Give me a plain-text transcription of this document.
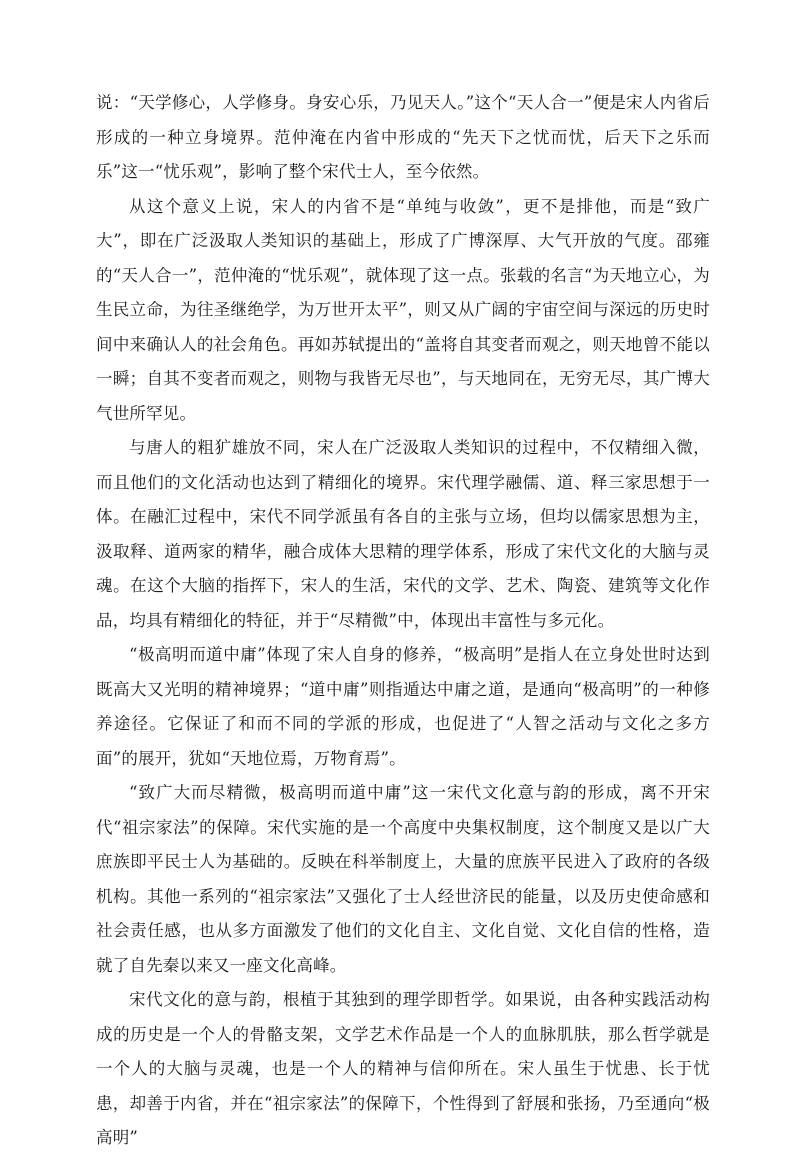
说：“天学修心，人学修身。身安心乐，乃见天人。”这个“天人合一”便是宋人内省后形成的一种立身境界。范仲淹在内省中形成的“先天下之忧而忧，后天下之乐而乐”这一“忧乐观”，影响了整个宋代士人，至今依然。

从这个意义上说，宋人的内省不是“单纯与收敛”，更不是排他，而是“致广大”，即在广泛汲取人类知识的基础上，形成了广博深厚、大气开放的气度。邵雍的“天人合一”，范仲淹的“忧乐观”，就体现了这一点。张载的名言“为天地立心，为生民立命，为往圣继绝学，为万世开太平”，则又从广阔的宇宙空间与深远的历史时间中来确认人的社会角色。再如苏轼提出的“盖将自其变者而观之，则天地曾不能以一瞬；自其不变者而观之，则物与我皆无尽也”，与天地同在，无穷无尽，其广博大气世所罕见。

与唐人的粗犷雄放不同，宋人在广泛汲取人类知识的过程中，不仅精细入微，而且他们的文化活动也达到了精细化的境界。宋代理学融儒、道、释三家思想于一体。在融汇过程中，宋代不同学派虽有各自的主张与立场，但均以儒家思想为主，汲取释、道两家的精华，融合成体大思精的理学体系，形成了宋代文化的大脑与灵魂。在这个大脑的指挥下，宋人的生活，宋代的文学、艺术、陶瓷、建筑等文化作品，均具有精细化的特征，并于“尽精微”中，体现出丰富性与多元化。

“极高明而道中庸”体现了宋人自身的修养，“极高明”是指人在立身处世时达到既高大又光明的精神境界；“道中庸”则指遁达中庸之道，是通向“极高明”的一种修养途径。它保证了和而不同的学派的形成，也促进了“人智之活动与文化之多方面”的展开，犹如“天地位焉，万物育焉”。

“致广大而尽精微，极高明而道中庸”这一宋代文化意与韵的形成，离不开宋代“祖宗家法”的保障。宋代实施的是一个高度中央集权制度，这个制度又是以广大庶族即平民士人为基础的。反映在科举制度上，大量的庶族平民进入了政府的各级机构。其他一系列的“祖宗家法”又强化了士人经世济民的能量，以及历史使命感和社会责任感，也从多方面激发了他们的文化自主、文化自觉、文化自信的性格，造就了自先秦以来又一座文化高峰。

宋代文化的意与韵，根植于其独到的理学即哲学。如果说，由各种实践活动构成的历史是一个人的骨骼支架，文学艺术作品是一个人的血脉肌肤，那么哲学就是一个人的大脑与灵魂，也是一个人的精神与信仰所在。宋人虽生于忧患、长于忧患，却善于内省，并在“祖宗家法”的保障下，个性得到了舒展和张扬，乃至通向“极高明”
